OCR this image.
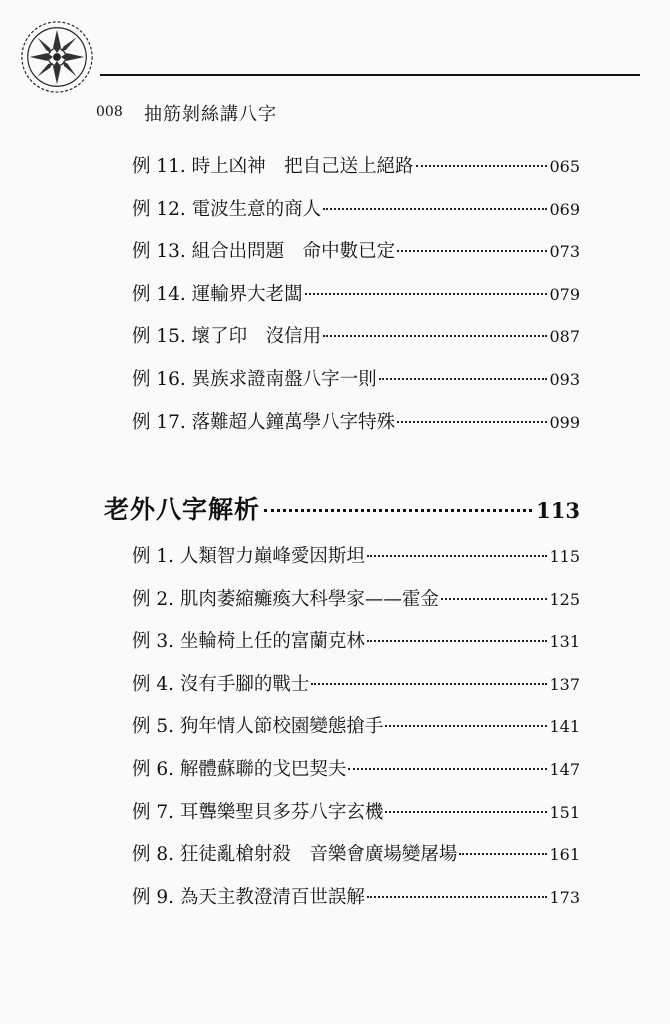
008 抽筋剝絲講八字
例 11. 時上凶神　把自己送上絕路	065
例 12. 電波生意的商人	069
例 13. 組合出問題　命中數已定	073
例 14. 運輸界大老闆	079
例 15. 壞了印　沒信用	087
例 16. 異族求證南盤八字一則	093
例 17. 落難超人鐘萬學八字特殊	099
老外八字解析	113
例 1. 人類智力巔峰愛因斯坦	115
例 2. 肌肉萎縮癱瘓大科學家——霍金	125
例 3. 坐輪椅上任的富蘭克林	131
例 4. 沒有手腳的戰士	137
例 5. 狗年情人節校園變態搶手	141
例 6. 解體蘇聯的戈巴契夫	147
例 7. 耳聾樂聖貝多芬八字玄機	151
例 8. 狂徒亂槍射殺　音樂會廣場變屠場	161
例 9. 為天主教澄清百世誤解	173
